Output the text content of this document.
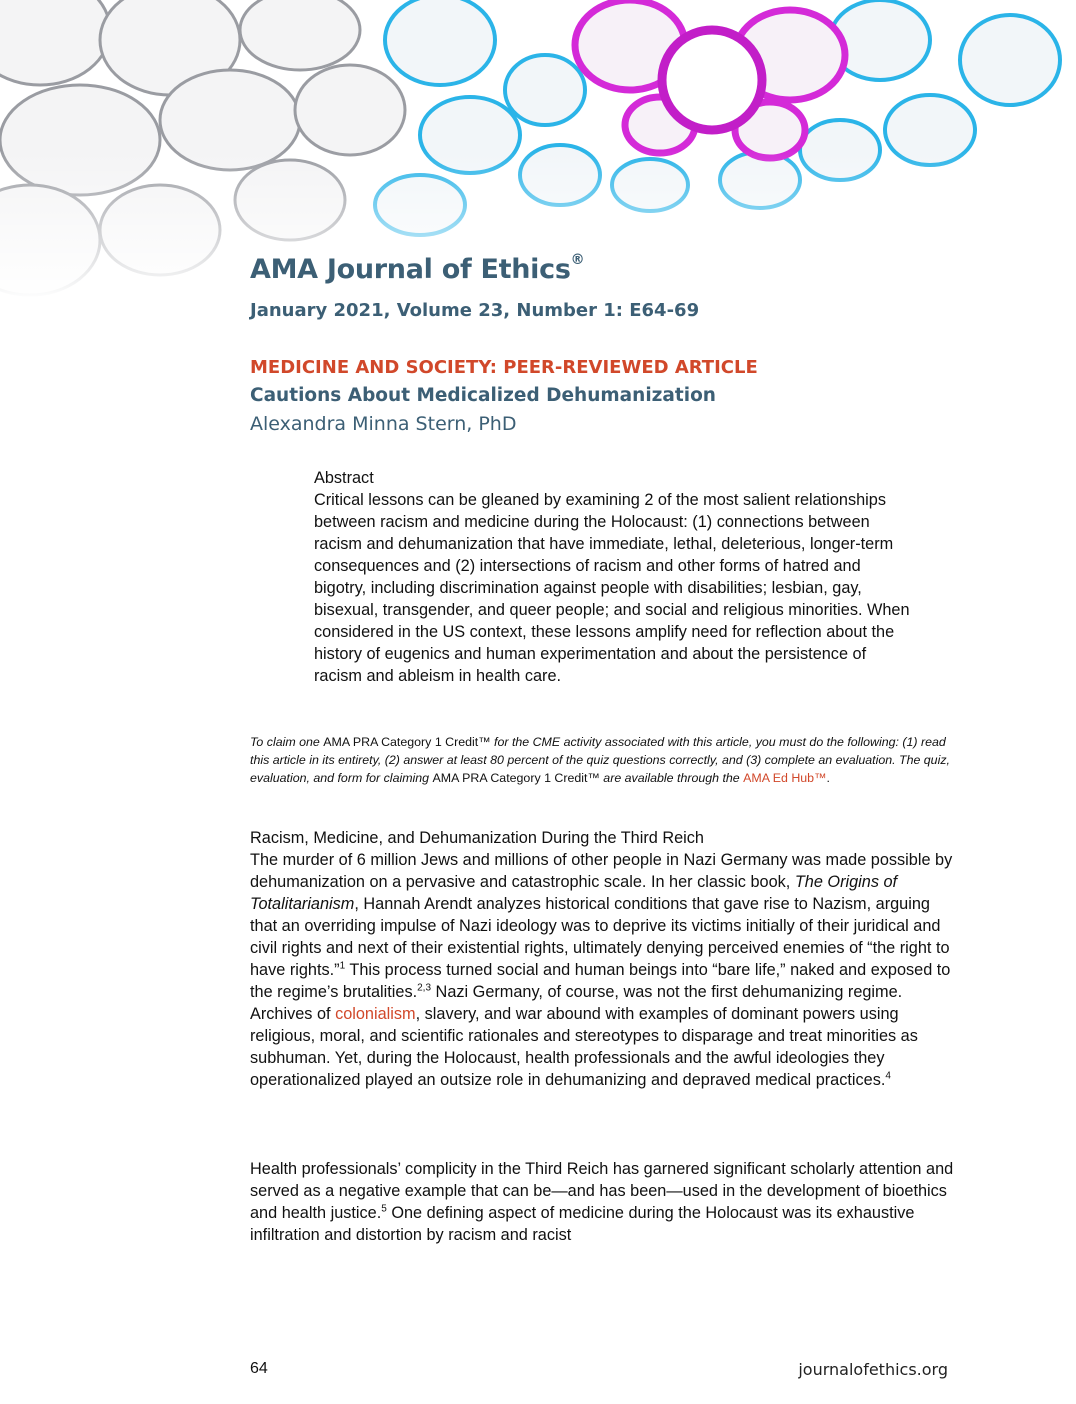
AMA Journal of Ethics®
January 2021, Volume 23, Number 1: E64-69
MEDICINE AND SOCIETY: PEER-REVIEWED ARTICLE
Cautions About Medicalized Dehumanization
Alexandra Minna Stern, PhD

Abstract

Critical lessons can be gleaned by examining 2 of the most salient relationships between racism and medicine during the Holocaust: (1) connections between racism and dehumanization that have immediate, lethal, deleterious, longer-term consequences and (2) intersections of racism and other forms of hatred and bigotry, including discrimination against people with disabilities; lesbian, gay, bisexual, transgender, and queer people; and social and religious minorities. When considered in the US context, these lessons amplify need for reflection about the history of eugenics and human experimentation and about the persistence of racism and ableism in health care.

To claim one AMA PRA Category 1 Credit™ for the CME activity associated with this article, you must do the following: (1) read this article in its entirety, (2) answer at least 80 percent of the quiz questions correctly, and (3) complete an evaluation. The quiz, evaluation, and form for claiming AMA PRA Category 1 Credit™ are available through the AMA Ed Hub™.
Racism, Medicine, and Dehumanization During the Third Reich

The murder of 6 million Jews and millions of other people in Nazi Germany was made possible by dehumanization on a pervasive and catastrophic scale. In her classic book, The Origins of Totalitarianism, Hannah Arendt analyzes historical conditions that gave rise to Nazism, arguing that an overriding impulse of Nazi ideology was to deprive its victims initially of their juridical and civil rights and next of their existential rights, ultimately denying perceived enemies of “the right to have rights.”$^1$ This process turned social and human beings into “bare life,” naked and exposed to the regime’s brutalities.$^{2,3}$ Nazi Germany, of course, was not the first dehumanizing regime. Archives of colonialism, slavery, and war abound with examples of dominant powers using religious, moral, and scientific rationales and stereotypes to disparage and treat minorities as subhuman. Yet, during the Holocaust, health professionals and the awful ideologies they operationalized played an outsize role in dehumanizing and depraved medical practices.$^4$

Health professionals’ complicity in the Third Reich has garnered significant scholarly attention and served as a negative example that can be—and has been—used in the development of bioethics and health justice.$^5$ One defining aspect of medicine during the Holocaust was its exhaustive infiltration and distortion by racism and racist

64	journalofethics.org
